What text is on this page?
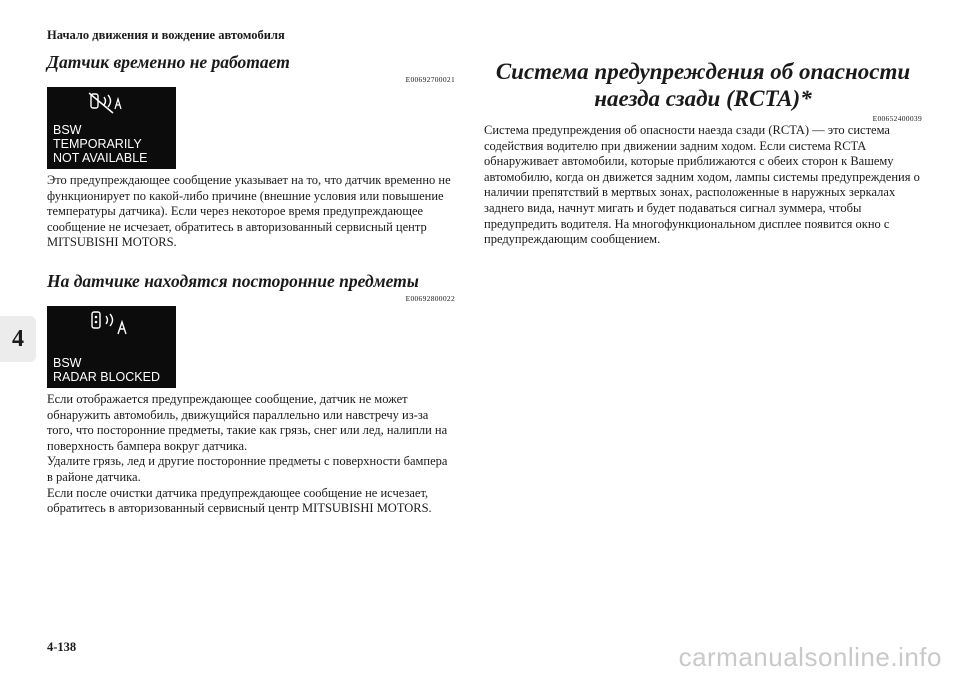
Начало движения и вождение автомобиля
4
Датчик временно не работает
E00692700021
BSW
TEMPORARILY
NOT AVAILABLE

Это предупреждающее сообщение указывает на то, что датчик временно не функционирует по какой-либо причине (внешние условия или повышение температуры датчика). Если через некоторое время предупреждающее сообщение не исчезает, обратитесь в авторизованный сервисный центр MITSUBISHI MOTORS.

На датчике находятся посторонние предметы
E00692800022
BSW
RADAR BLOCKED

Если отображается предупреждающее сообщение, датчик не может обнаружить автомобиль, движущийся параллельно или навстречу из-за того, что посторонние предметы, такие как грязь, снег или лед, налипли на поверхность бампера вокруг датчика.

Удалите грязь, лед и другие посторонние предметы с поверхности бампера в районе датчика.

Если после очистки датчика предупреждающее сообщение не исчезает, обратитесь в авторизованный сервисный центр MITSUBISHI MOTORS.

Система предупреждения об опасности наезда сзади (RCTA)*
E00652400039

Система предупреждения об опасности наезда сзади (RCTA) — это система содействия водителю при движении задним ходом. Если система RCTA обнаруживает автомобили, которые приближаются с обеих сторон к Вашему автомобилю, когда он движется задним ходом, лампы системы предупреждения о наличии препятствий в мертвых зонах, расположенные в наружных зеркалах заднего вида, начнут мигать и будет подаваться сигнал зуммера, чтобы предупредить водителя. На многофункциональном дисплее появится окно с предупреждающим сообщением.

4-138	carmanualsonline.info
